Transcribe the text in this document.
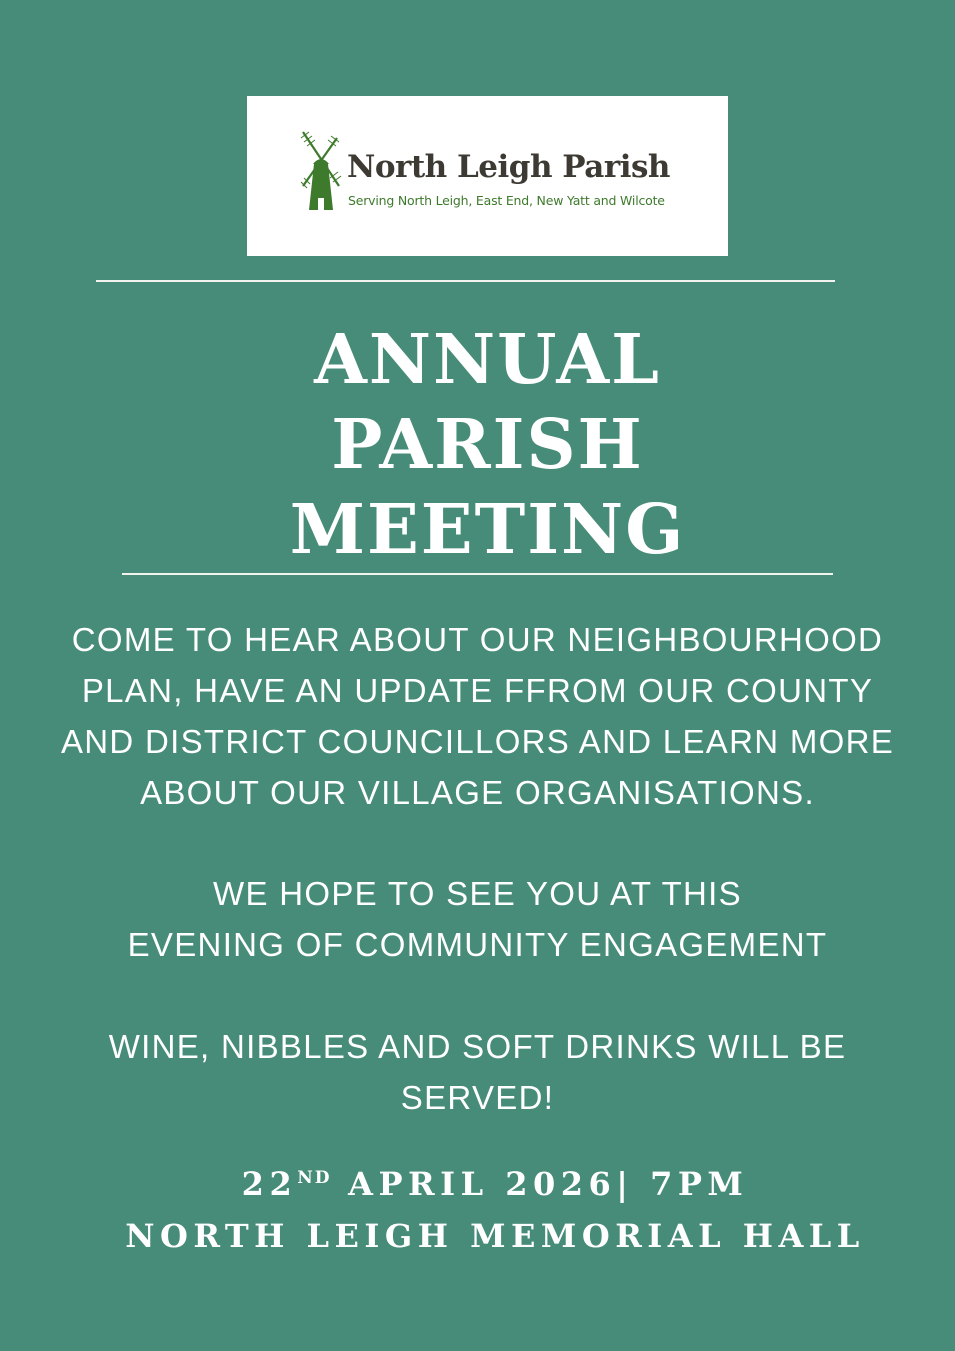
North Leigh Parish
Serving North Leigh, East End, New Yatt and Wilcote
ANNUAL
PARISH
MEETING
COME TO HEAR ABOUT OUR NEIGHBOURHOOD
PLAN, HAVE AN UPDATE FFROM OUR COUNTY
AND DISTRICT COUNCILLORS AND LEARN MORE
ABOUT OUR VILLAGE ORGANISATIONS.
WE HOPE TO SEE YOU AT THIS
EVENING OF COMMUNITY ENGAGEMENT
WINE, NIBBLES AND SOFT DRINKS WILL BE
SERVED!
22ND APRIL 2026| 7PM
NORTH LEIGH MEMORIAL HALL
